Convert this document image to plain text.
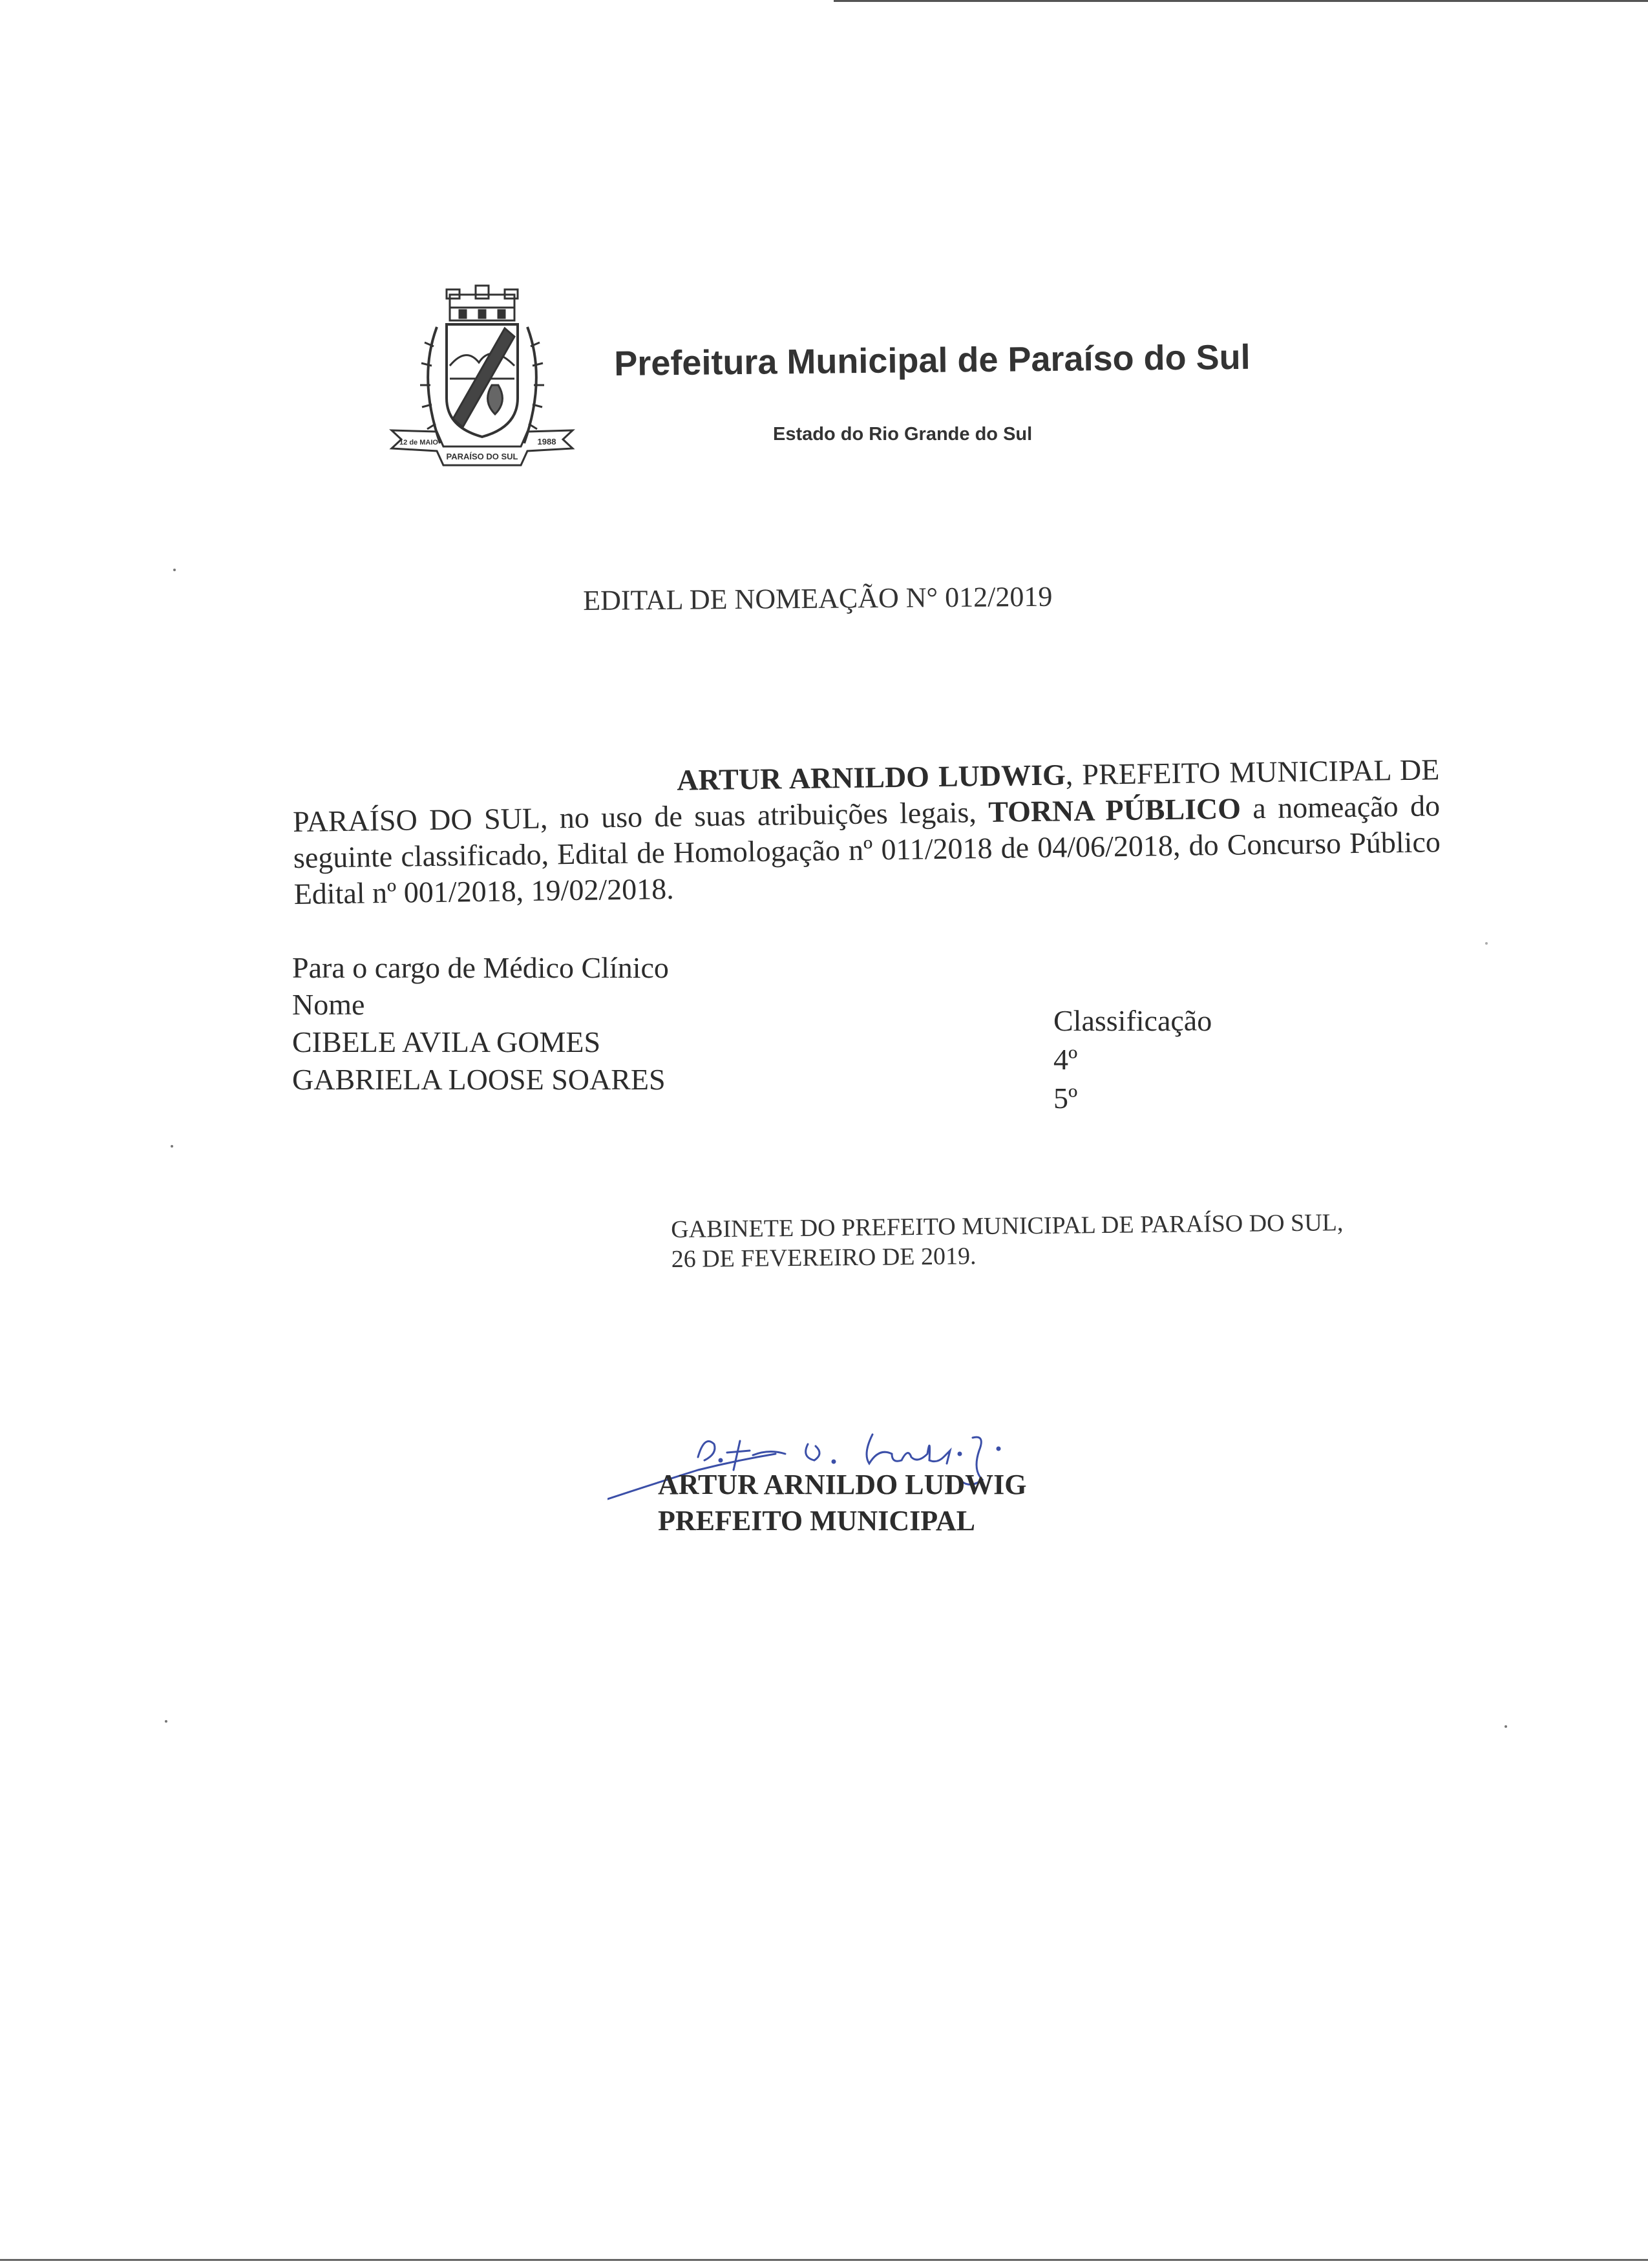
12 de MAIO	1988
PARAÍSO DO SUL
Prefeitura Municipal de Paraíso do Sul
Estado do Rio Grande do Sul
EDITAL DE NOMEAÇÃO N° 012/2019

ARTUR ARNILDO LUDWIG, PREFEITO MUNICIPAL DE PARAÍSO DO SUL, no uso de suas atribuições legais, TORNA PÚBLICO a nomeação do seguinte classificado, Edital de Homologação nº 011/2018 de 04/06/2018, do Concurso Público Edital nº 001/2018, 19/02/2018.

Para o cargo de Médico Clínico
Nome
CIBELE AVILA GOMES
GABRIELA LOOSE SOARES
Classificação
4º
5º
GABINETE DO PREFEITO MUNICIPAL DE PARAÍSO DO SUL,
26 DE FEVEREIRO DE 2019.
ARTUR ARNILDO LUDWIG
PREFEITO MUNICIPAL
